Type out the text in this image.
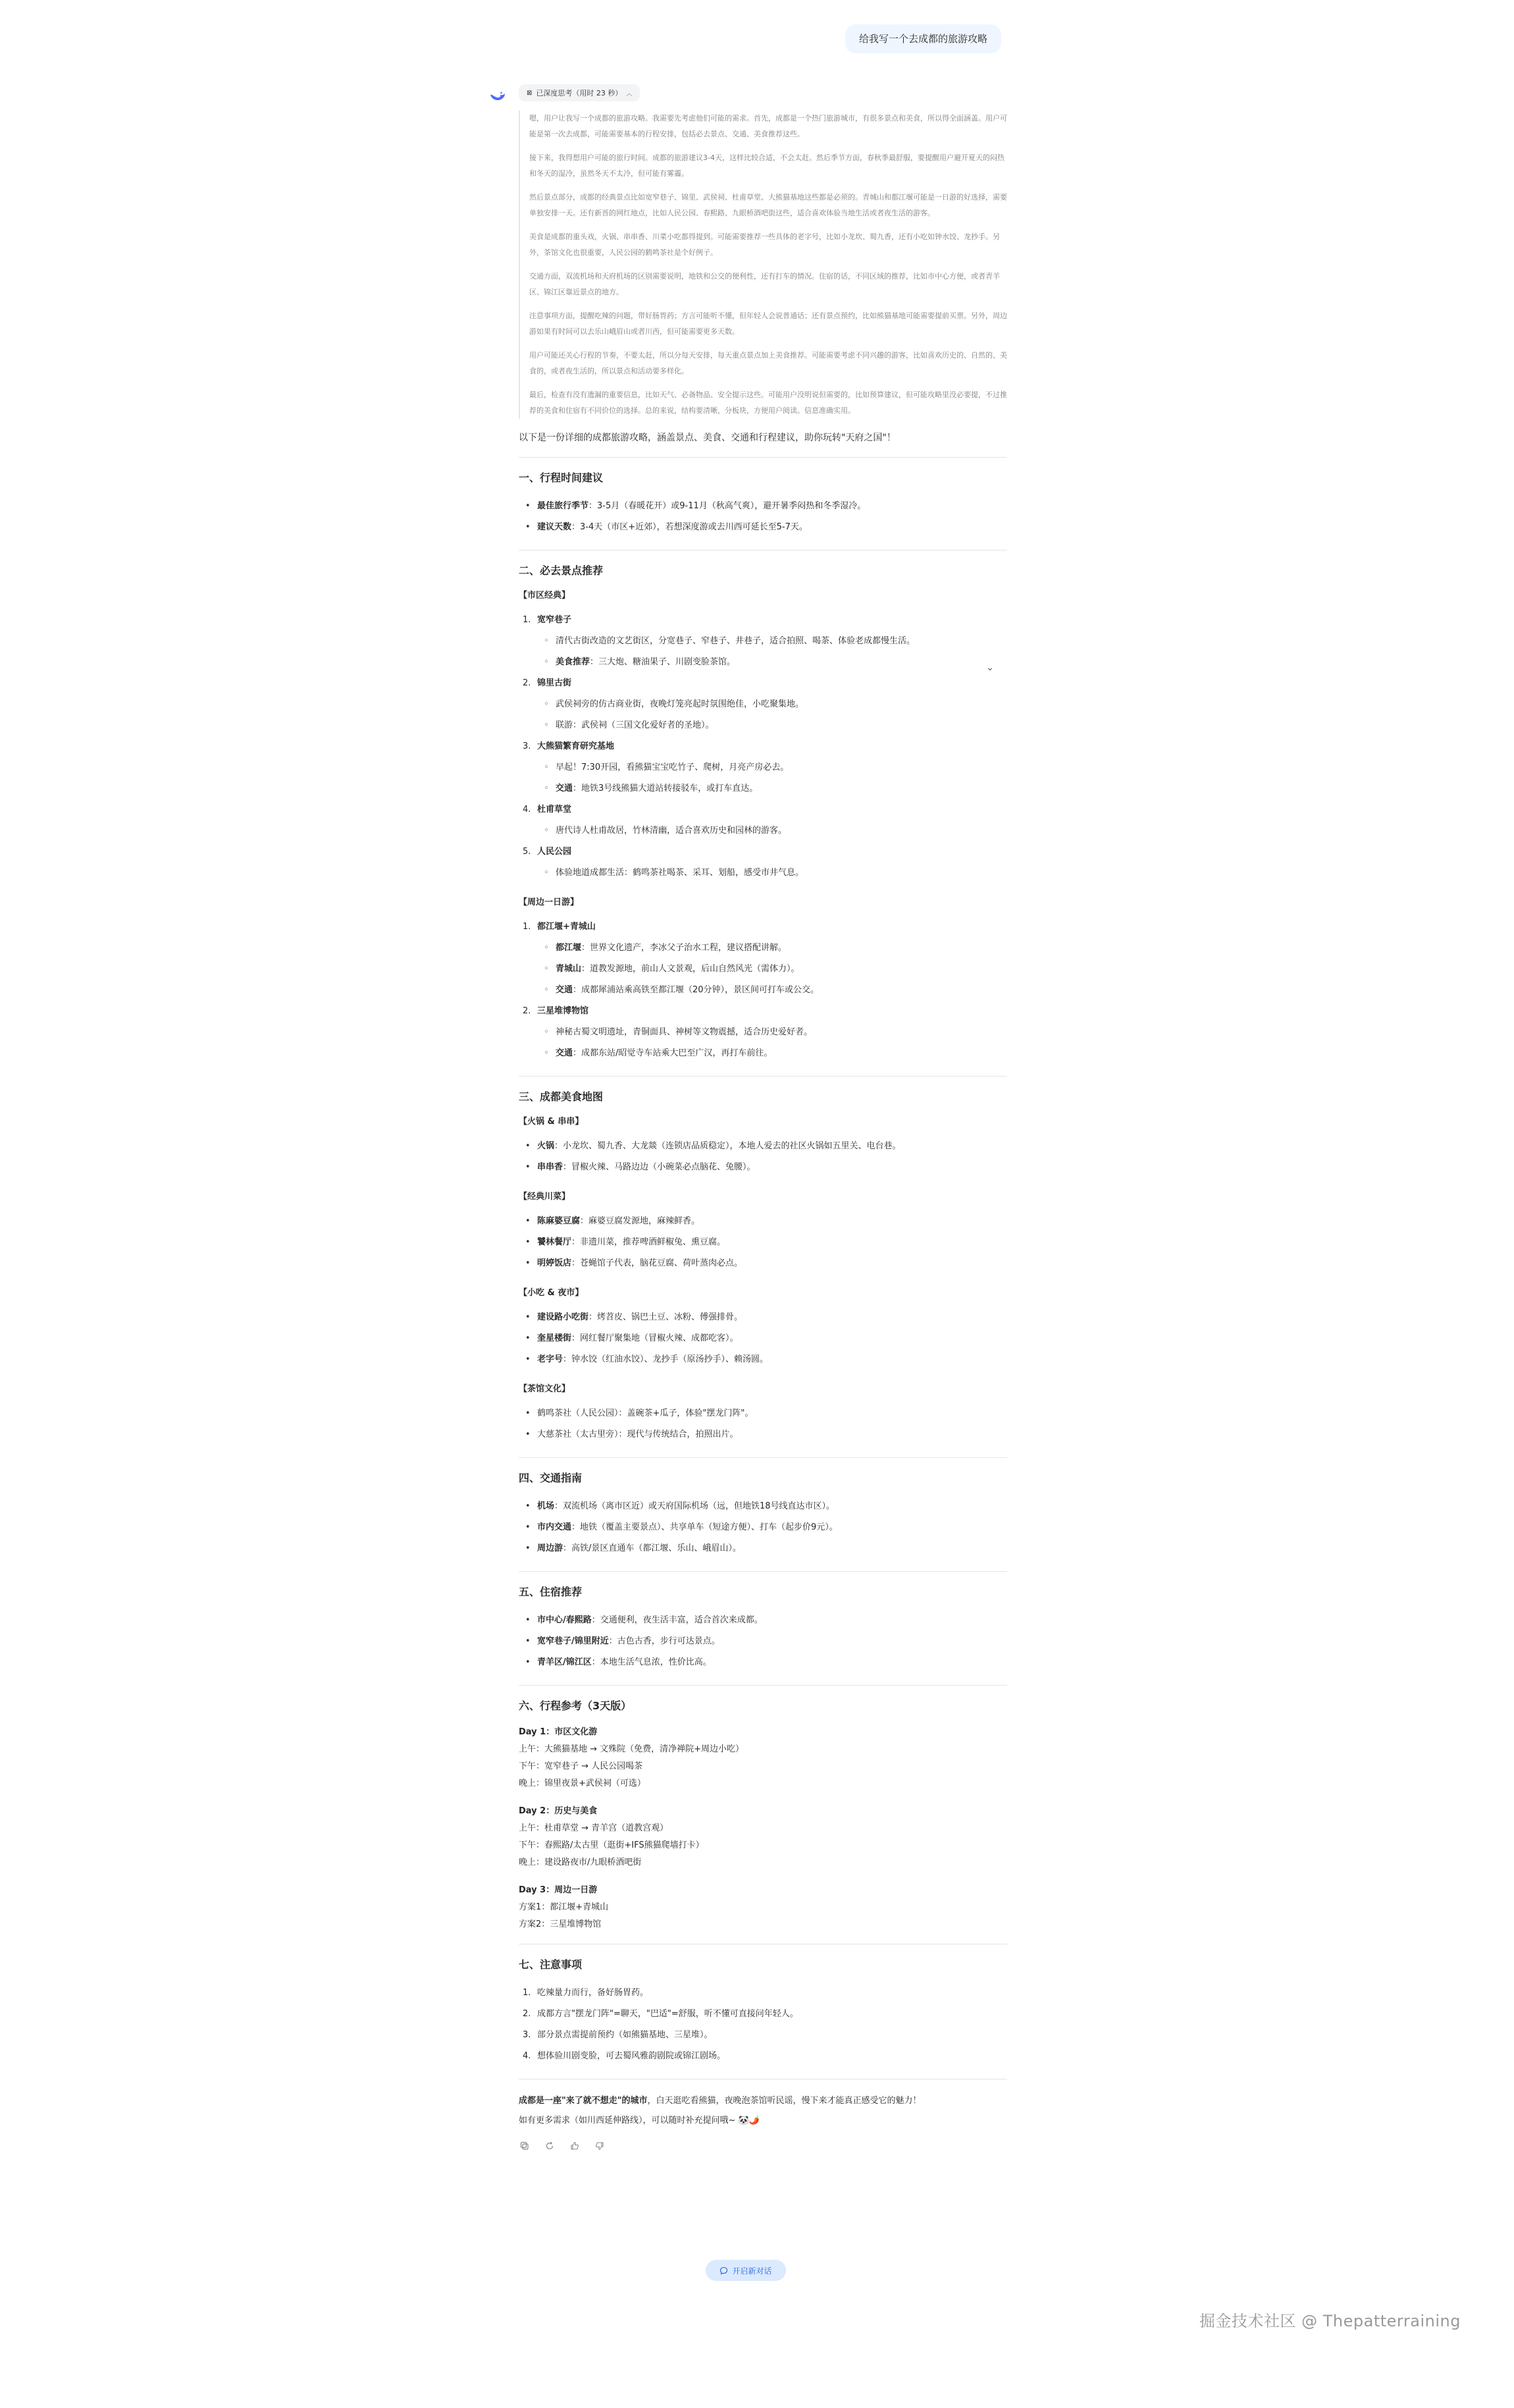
给我写一个去成都的旅游攻略
⌄
⊠ 已深度思考（用时 23 秒） ︿

嗯，用户让我写一个成都的旅游攻略。我需要先考虑他们可能的需求。首先，成都是一个热门旅游城市，有很多景点和美食，所以得全面涵盖。用户可能是第一次去成都，可能需要基本的行程安排，包括必去景点、交通、美食推荐这些。

接下来，我得想用户可能的旅行时间。成都的旅游建议3-4天，这样比较合适，不会太赶。然后季节方面，春秋季最舒服，要提醒用户避开夏天的闷热和冬天的湿冷，虽然冬天不太冷，但可能有雾霾。

然后景点部分，成都的经典景点比如宽窄巷子、锦里、武侯祠、杜甫草堂、大熊猫基地这些都是必须的。青城山和都江堰可能是一日游的好选择，需要单独安排一天。还有新晋的网红地点，比如人民公园、春熙路、九眼桥酒吧街这些，适合喜欢体验当地生活或者夜生活的游客。

美食是成都的重头戏，火锅、串串香、川菜小吃都得提到。可能需要推荐一些具体的老字号，比如小龙坎、蜀九香，还有小吃如钟水饺、龙抄手。另外，茶馆文化也很重要，人民公园的鹤鸣茶社是个好例子。

交通方面，双流机场和天府机场的区别需要说明，地铁和公交的便利性，还有打车的情况。住宿的话，不同区域的推荐，比如市中心方便，或者青羊区、锦江区靠近景点的地方。

注意事项方面，提醒吃辣的问题，带好肠胃药；方言可能听不懂，但年轻人会说普通话；还有景点预约，比如熊猫基地可能需要提前买票。另外，周边游如果有时间可以去乐山峨眉山或者川西，但可能需要更多天数。

用户可能还关心行程的节奏，不要太赶，所以分每天安排，每天重点景点加上美食推荐。可能需要考虑不同兴趣的游客，比如喜欢历史的、自然的、美食的，或者夜生活的，所以景点和活动要多样化。

最后，检查有没有遗漏的重要信息，比如天气、必备物品、安全提示这些。可能用户没明说但需要的，比如预算建议，但可能攻略里没必要提，不过推荐的美食和住宿有不同价位的选择。总的来说，结构要清晰，分板块，方便用户阅读。信息准确实用。

以下是一份详细的成都旅游攻略，涵盖景点、美食、交通和行程建议，助你玩转"天府之国"！

一、行程时间建议
• 最佳旅行季节：3-5月（春暖花开）或9-11月（秋高气爽），避开暑季闷热和冬季湿冷。
• 建议天数：3-4天（市区+近郊），若想深度游或去川西可延长至5-7天。
二、必去景点推荐
【市区经典】
1. 宽窄巷子
◦ 清代古街改造的文艺街区，分宽巷子、窄巷子、井巷子，适合拍照、喝茶、体验老成都慢生活。
◦ 美食推荐：三大炮、糖油果子、川剧变脸茶馆。
2. 锦里古街
◦ 武侯祠旁的仿古商业街，夜晚灯笼亮起时氛围绝佳，小吃聚集地。
◦ 联游：武侯祠（三国文化爱好者的圣地）。
3. 大熊猫繁育研究基地
◦ 早起！7:30开园，看熊猫宝宝吃竹子、爬树，月亮产房必去。
◦ 交通：地铁3号线熊猫大道站转接驳车，或打车直达。
4. 杜甫草堂
◦ 唐代诗人杜甫故居，竹林清幽，适合喜欢历史和园林的游客。
5. 人民公园
◦ 体验地道成都生活：鹤鸣茶社喝茶、采耳、划船，感受市井气息。
【周边一日游】
1. 都江堰+青城山
◦ 都江堰：世界文化遗产，李冰父子治水工程，建议搭配讲解。
◦ 青城山：道教发源地，前山人文景观，后山自然风光（需体力）。
◦ 交通：成都犀浦站乘高铁至都江堰（20分钟），景区间可打车或公交。
2. 三星堆博物馆
◦ 神秘古蜀文明遗址，青铜面具、神树等文物震撼，适合历史爱好者。
◦ 交通：成都东站/昭觉寺车站乘大巴至广汉，再打车前往。
三、成都美食地图
【火锅 & 串串】
• 火锅：小龙坎、蜀九香、大龙燚（连锁店品质稳定），本地人爱去的社区火锅如五里关、电台巷。
• 串串香：冒椒火辣、马路边边（小碗菜必点脑花、兔腰）。
【经典川菜】
• 陈麻婆豆腐：麻婆豆腐发源地，麻辣鲜香。
• 饕林餐厅：非遗川菜，推荐啤酒鲜椒兔、熏豆腐。
• 明婷饭店：苍蝇馆子代表，脑花豆腐、荷叶蒸肉必点。
【小吃 & 夜市】
• 建设路小吃街：烤苕皮、锅巴土豆、冰粉、傅强排骨。
• 奎星楼街：网红餐厅聚集地（冒椒火辣、成都吃客）。
• 老字号：钟水饺（红油水饺）、龙抄手（原汤抄手）、赖汤圆。
【茶馆文化】
• 鹤鸣茶社（人民公园）：盖碗茶+瓜子，体验"摆龙门阵"。
• 大慈茶社（太古里旁）：现代与传统结合，拍照出片。
四、交通指南
• 机场：双流机场（离市区近）或天府国际机场（远，但地铁18号线直达市区）。
• 市内交通：地铁（覆盖主要景点）、共享单车（短途方便）、打车（起步价9元）。
• 周边游：高铁/景区直通车（都江堰、乐山、峨眉山）。
五、住宿推荐
• 市中心/春熙路：交通便利，夜生活丰富，适合首次来成都。
• 宽窄巷子/锦里附近：古色古香，步行可达景点。
• 青羊区/锦江区：本地生活气息浓，性价比高。
六、行程参考（3天版）

Day 1：市区文化游

上午：大熊猫基地 → 文殊院（免费，清净禅院+周边小吃）

下午：宽窄巷子 → 人民公园喝茶

晚上：锦里夜景+武侯祠（可选）

Day 2：历史与美食

上午：杜甫草堂 → 青羊宫（道教宫观）

下午：春熙路/太古里（逛街+IFS熊猫爬墙打卡）

晚上：建设路夜市/九眼桥酒吧街

Day 3：周边一日游

方案1：都江堰+青城山

方案2：三星堆博物馆

七、注意事项
1. 吃辣量力而行，备好肠胃药。
2. 成都方言"摆龙门阵"=聊天，"巴适"=舒服，听不懂可直接问年轻人。
3. 部分景点需提前预约（如熊猫基地、三星堆）。
4. 想体验川剧变脸，可去蜀风雅韵剧院或锦江剧场。

成都是一座"来了就不想走"的城市，白天逛吃看熊猫，夜晚泡茶馆听民谣，慢下来才能真正感受它的魅力！

如有更多需求（如川西延伸路线），可以随时补充提问哦~ 🐼🌶️

开启新对话
掘金技术社区 @ Thepatterraining
